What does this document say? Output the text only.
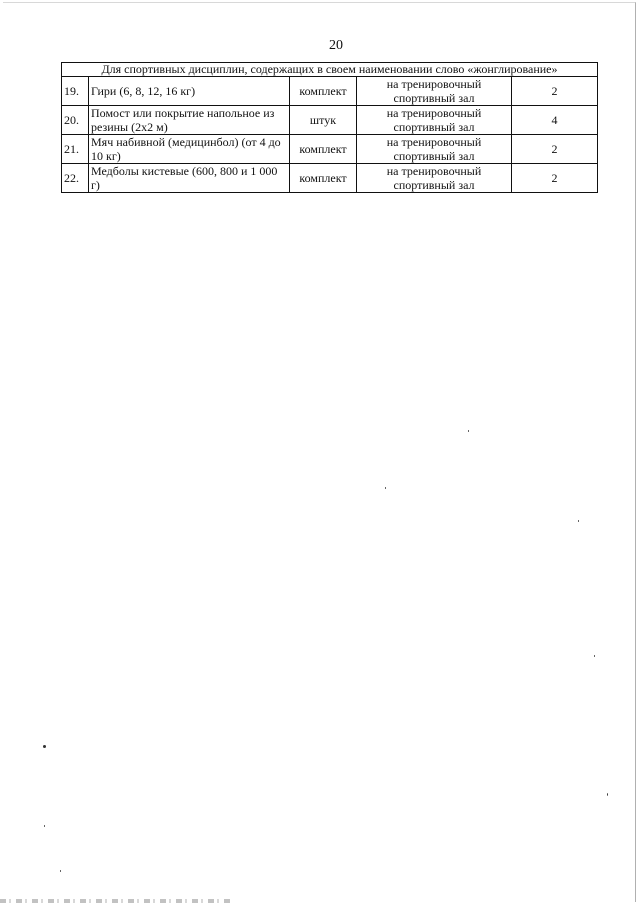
20
Для спортивных дисциплин, содержащих в своем наименовании слово «жонглирование»				
19.	Гири (6, 8, 12, 16 кг)	комплект	на тренировочный спортивный зал	2
20.	Помост или покрытие напольное из резины (2х2 м)	штук	на тренировочный спортивный зал	4
21.	Мяч набивной (медицинбол) (от 4 до 10 кг)	комплект	на тренировочный спортивный зал	2
22.	Медболы кистевые (600, 800 и 1 000 г)	комплект	на тренировочный спортивный зал	2
